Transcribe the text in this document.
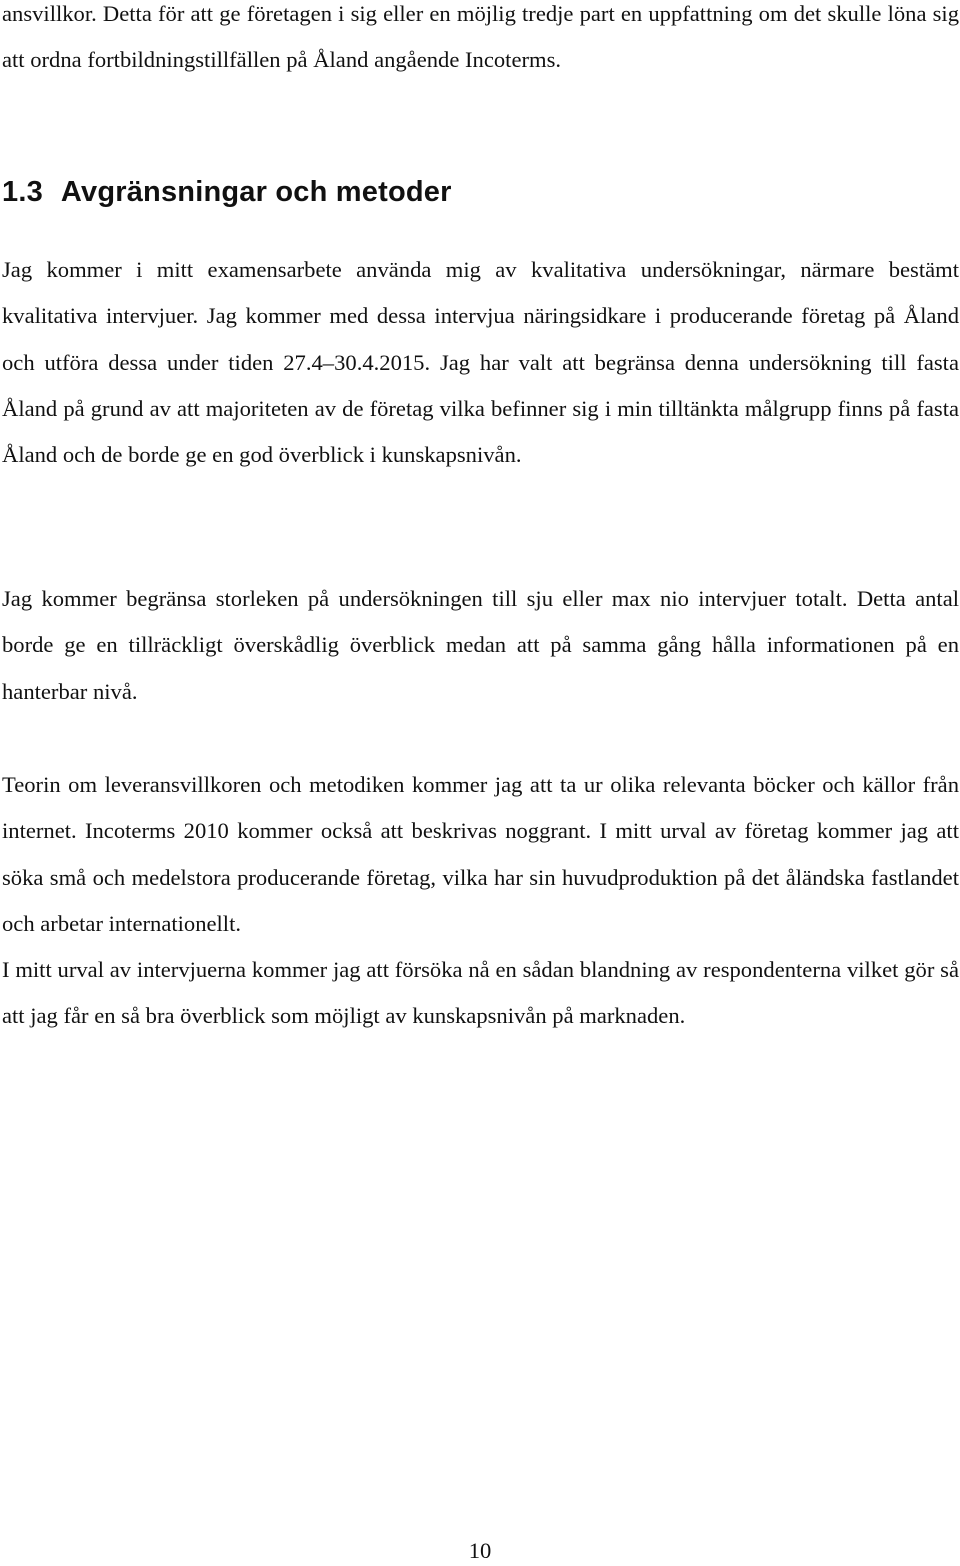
ansvillkor. Detta för att ge företagen i sig eller en möjlig tredje part en uppfattning om det skulle löna sig att ordna fortbildningstillfällen på Åland angående Incoterms.

1.3 Avgränsningar och metoder

Jag kommer i mitt examensarbete använda mig av kvalitativa undersökningar, närmare bestämt kvalitativa intervjuer. Jag kommer med dessa intervjua näringsidkare i producerande företag på Åland och utföra dessa under tiden 27.4–30.4.2015. Jag har valt att begränsa denna undersökning till fasta Åland på grund av att majoriteten av de företag vilka befinner sig i min tilltänkta målgrupp finns på fasta Åland och de borde ge en god överblick i kunskapsnivån.

Jag kommer begränsa storleken på undersökningen till sju eller max nio intervjuer totalt. Detta antal borde ge en tillräckligt överskådlig överblick medan att på samma gång hålla informationen på en hanterbar nivå.

Teorin om leveransvillkoren och metodiken kommer jag att ta ur olika relevanta böcker och källor från internet. Incoterms 2010 kommer också att beskrivas noggrant. I mitt urval av företag kommer jag att söka små och medelstora producerande företag, vilka har sin huvudproduktion på det åländska fastlandet och arbetar internationellt.

I mitt urval av intervjuerna kommer jag att försöka nå en sådan blandning av respondenterna vilket gör så att jag får en så bra överblick som möjligt av kunskapsnivån på marknaden.

10
